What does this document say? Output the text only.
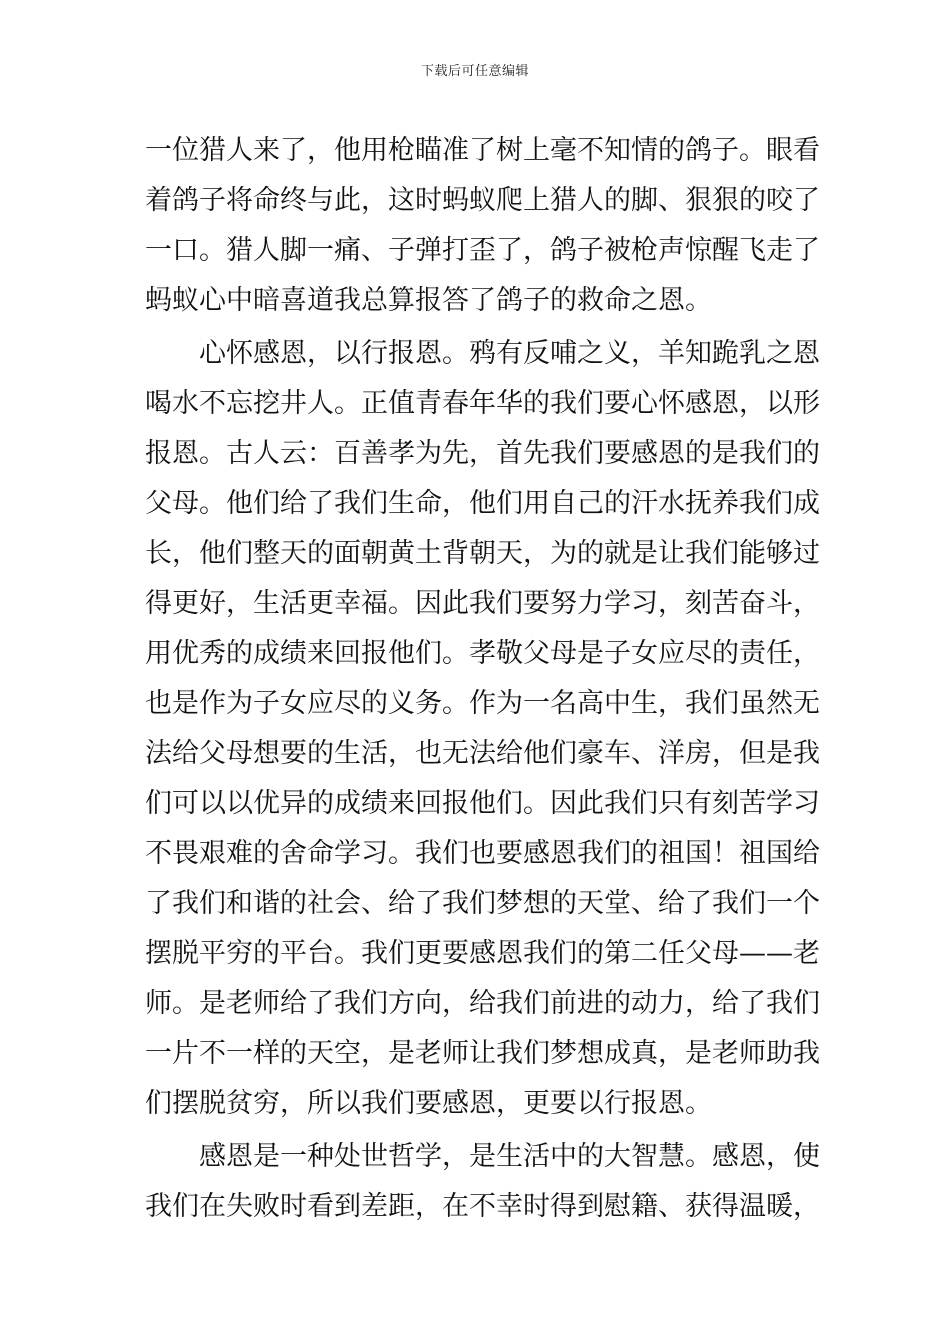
下载后可任意编辑
一位猎人来了，他用枪瞄准了树上毫不知情的鸽子。眼看
着鸽子将命终与此，这时蚂蚁爬上猎人的脚、狠狠的咬了
一口。猎人脚一痛、子弹打歪了，鸽子被枪声惊醒飞走了
蚂蚁心中暗喜道我总算报答了鸽子的救命之恩。
心怀感恩，以行报恩。鸦有反哺之义，羊知跪乳之恩
喝水不忘挖井人。正值青春年华的我们要心怀感恩，以形
报恩。古人云：百善孝为先，首先我们要感恩的是我们的
父母。他们给了我们生命，他们用自己的汗水抚养我们成
长，他们整天的面朝黄土背朝天，为的就是让我们能够过
得更好，生活更幸福。因此我们要努力学习，刻苦奋斗，
用优秀的成绩来回报他们。孝敬父母是子女应尽的责任，
也是作为子女应尽的义务。作为一名高中生，我们虽然无
法给父母想要的生活，也无法给他们豪车、洋房，但是我
们可以以优异的成绩来回报他们。因此我们只有刻苦学习
不畏艰难的舍命学习。我们也要感恩我们的祖国！祖国给
了我们和谐的社会、给了我们梦想的天堂、给了我们一个
摆脱平穷的平台。我们更要感恩我们的第二任父母——老
师。是老师给了我们方向，给我们前进的动力，给了我们
一片不一样的天空，是老师让我们梦想成真，是老师助我
们摆脱贫穷，所以我们要感恩，更要以行报恩。
感恩是一种处世哲学，是生活中的大智慧。感恩，使
我们在失败时看到差距，在不幸时得到慰籍、获得温暖，
